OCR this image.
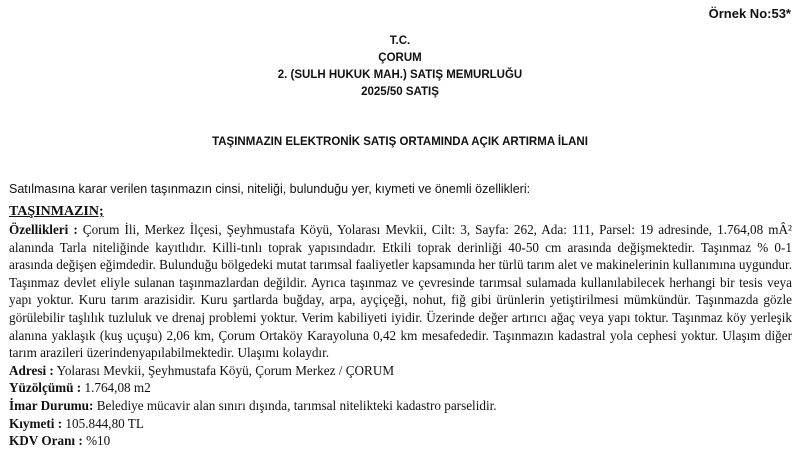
Örnek No:53*
T.C.
ÇORUM
2. (SULH HUKUK MAH.) SATIŞ MEMURLUĞU
2025/50 SATIŞ
TAŞINMAZIN ELEKTRONİK SATIŞ ORTAMINDA AÇIK ARTIRMA İLANI
Satılmasına karar verilen taşınmazın cinsi, niteliği, bulunduğu yer, kıymeti ve önemli özellikleri:
TAŞINMAZIN;
Özellikleri : Çorum İli, Merkez İlçesi, Şeyhmustafa Köyü, Yolarası Mevkii, Cilt: 3, Sayfa: 262, Ada: 111, Parsel: 19 adresinde, 1.764,08 mÂ² alanında Tarla niteliğinde kayıtlıdır. Killi-tınlı toprak yapısındadır. Etkili toprak derinliği 40-50 cm arasında değişmektedir. Taşınmaz % 0-1 arasında değişen eğimdedir. Bulunduğu bölgedeki mutat tarımsal faaliyetler kapsamında her türlü tarım alet ve makinelerinin kullanımına uygundur. Taşınmaz devlet eliyle sulanan taşınmazlardan değildir. Ayrıca taşınmaz ve çevresinde tarımsal sulamada kullanılabilecek herhangi bir tesis veya yapı yoktur. Kuru tarım arazisidir. Kuru şartlarda buğday, arpa, ayçiçeği, nohut, fiğ gibi ürünlerin yetiştirilmesi mümkündür. Taşınmazda gözle görülebilir taşlılık tuzluluk ve drenaj problemi yoktur. Verim kabiliyeti iyidir. Üzerinde değer artırıcı ağaç veya yapı toktur. Taşınmaz köy yerleşik alanına yaklaşık (kuş uçuşu) 2,06 km, Çorum Ortaköy Karayoluna 0,42 km mesafededir. Taşınmazın kadastral yola cephesi yoktur. Ulaşım diğer tarım arazileri üzerindenyapılabilmektedir. Ulaşımı kolaydır.
Adresi : Yolarası Mevkii, Şeyhmustafa Köyü, Çorum Merkez / ÇORUM
Yüzölçümü : 1.764,08 m2
İmar Durumu: Belediye mücavir alan sınırı dışında, tarımsal nitelikteki kadastro parselidir.
Kıymeti : 105.844,80 TL
KDV Oranı : %10
